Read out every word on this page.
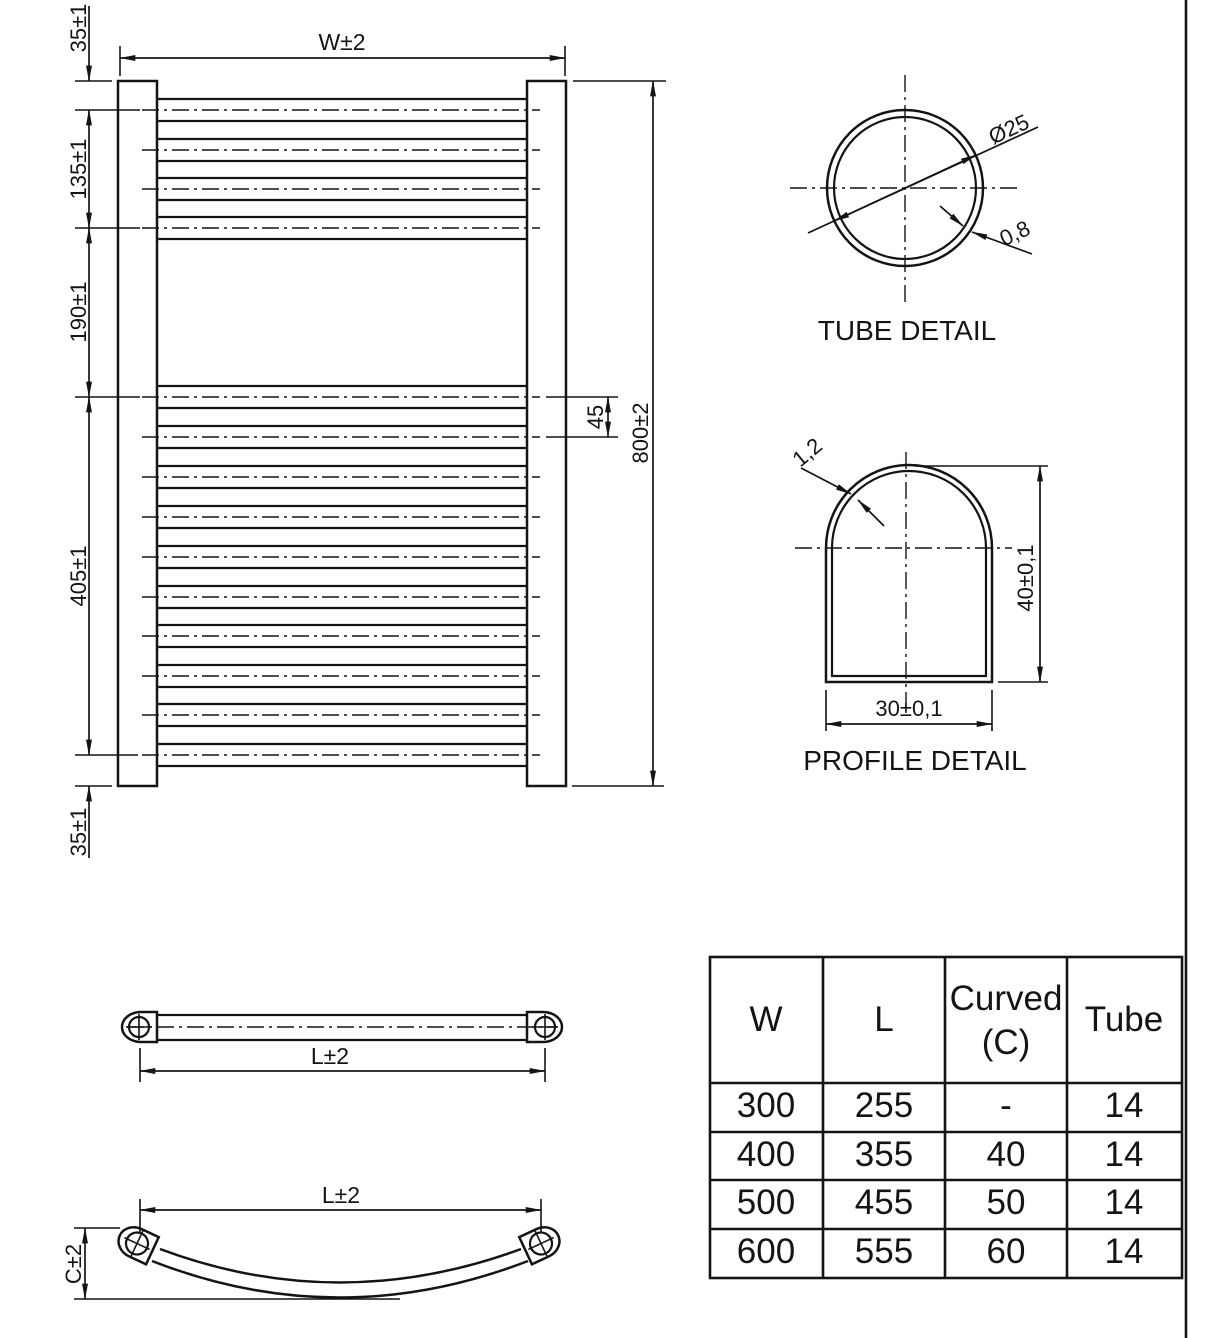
W±2
35±1
135±1
190±1
405±1
35±1
800±2
45
Ø25
0,8
TUBE DETAIL
1,2
40±0,1
30±0,1
PROFILE DETAIL
L±2
L±2
C±2
W	L
Curved
(C)
Tube
300 255 -	14
400 355 40 14
500 455 50 14
600 555 60 14
